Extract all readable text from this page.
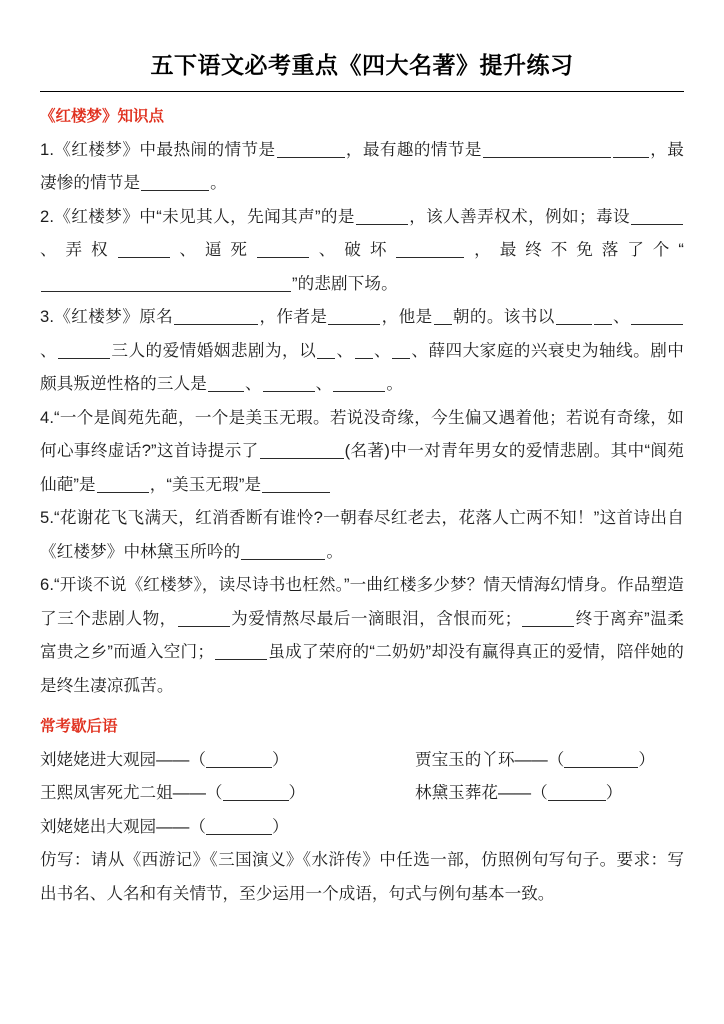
五下语文必考重点《四大名著》提升练习
《红楼梦》知识点
1.《红楼梦》中最热闹的情节是	，最有趣的情节是	，最凄惨的情节是	。
2.《红楼梦》中“未见其人，先闻其声”的是	，该人善弄权术，例如；毒设、弄权	、逼死	、破坏	，最终不免落了个“”的悲剧下场。
3.《红楼梦》原名	，作者是	，他是 朝的。该书以	、、	三人的爱情婚姻悲剧为，以 、 、 、薛四大家庭的兴衰史为轴线。剧中颇具叛逆性格的三人是 、	、	。
4.“一个是阆苑先葩，一个是美玉无瑕。若说没奇缘，今生偏又遇着他；若说有奇缘，如何心事终虚话?”这首诗提示了	(名著)中一对青年男女的爱情悲剧。其中“阆苑仙葩”是	，“美玉无瑕”是
5.“花谢花飞飞满天，红消香断有谁怜?一朝春尽红老去，花落人亡两不知！”这首诗出自《红楼梦》中林黛玉所吟的	。
6.“开谈不说《红楼梦》，读尽诗书也枉然。”一曲红楼多少梦？情天情海幻情身。作品塑造了三个悲剧人物，	为爱情熬尽最后一滴眼泪，含恨而死；	终于离弃”温柔富贵之乡”而遁入空门；	虽成了荣府的“二奶奶”却没有赢得真正的爱情，陪伴她的是终生凄凉孤苦。
常考歇后语
刘姥姥进大观园——（	）	贾宝玉的丫环——（	）
王熙凤害死尤二姐——（	）	林黛玉葬花——（	）
刘姥姥出大观园——（	）
仿写：请从《西游记》《三国演义》《水浒传》中任选一部，仿照例句写句子。要求：写出书名、人名和有关情节，至少运用一个成语，句式与例句基本一致。
